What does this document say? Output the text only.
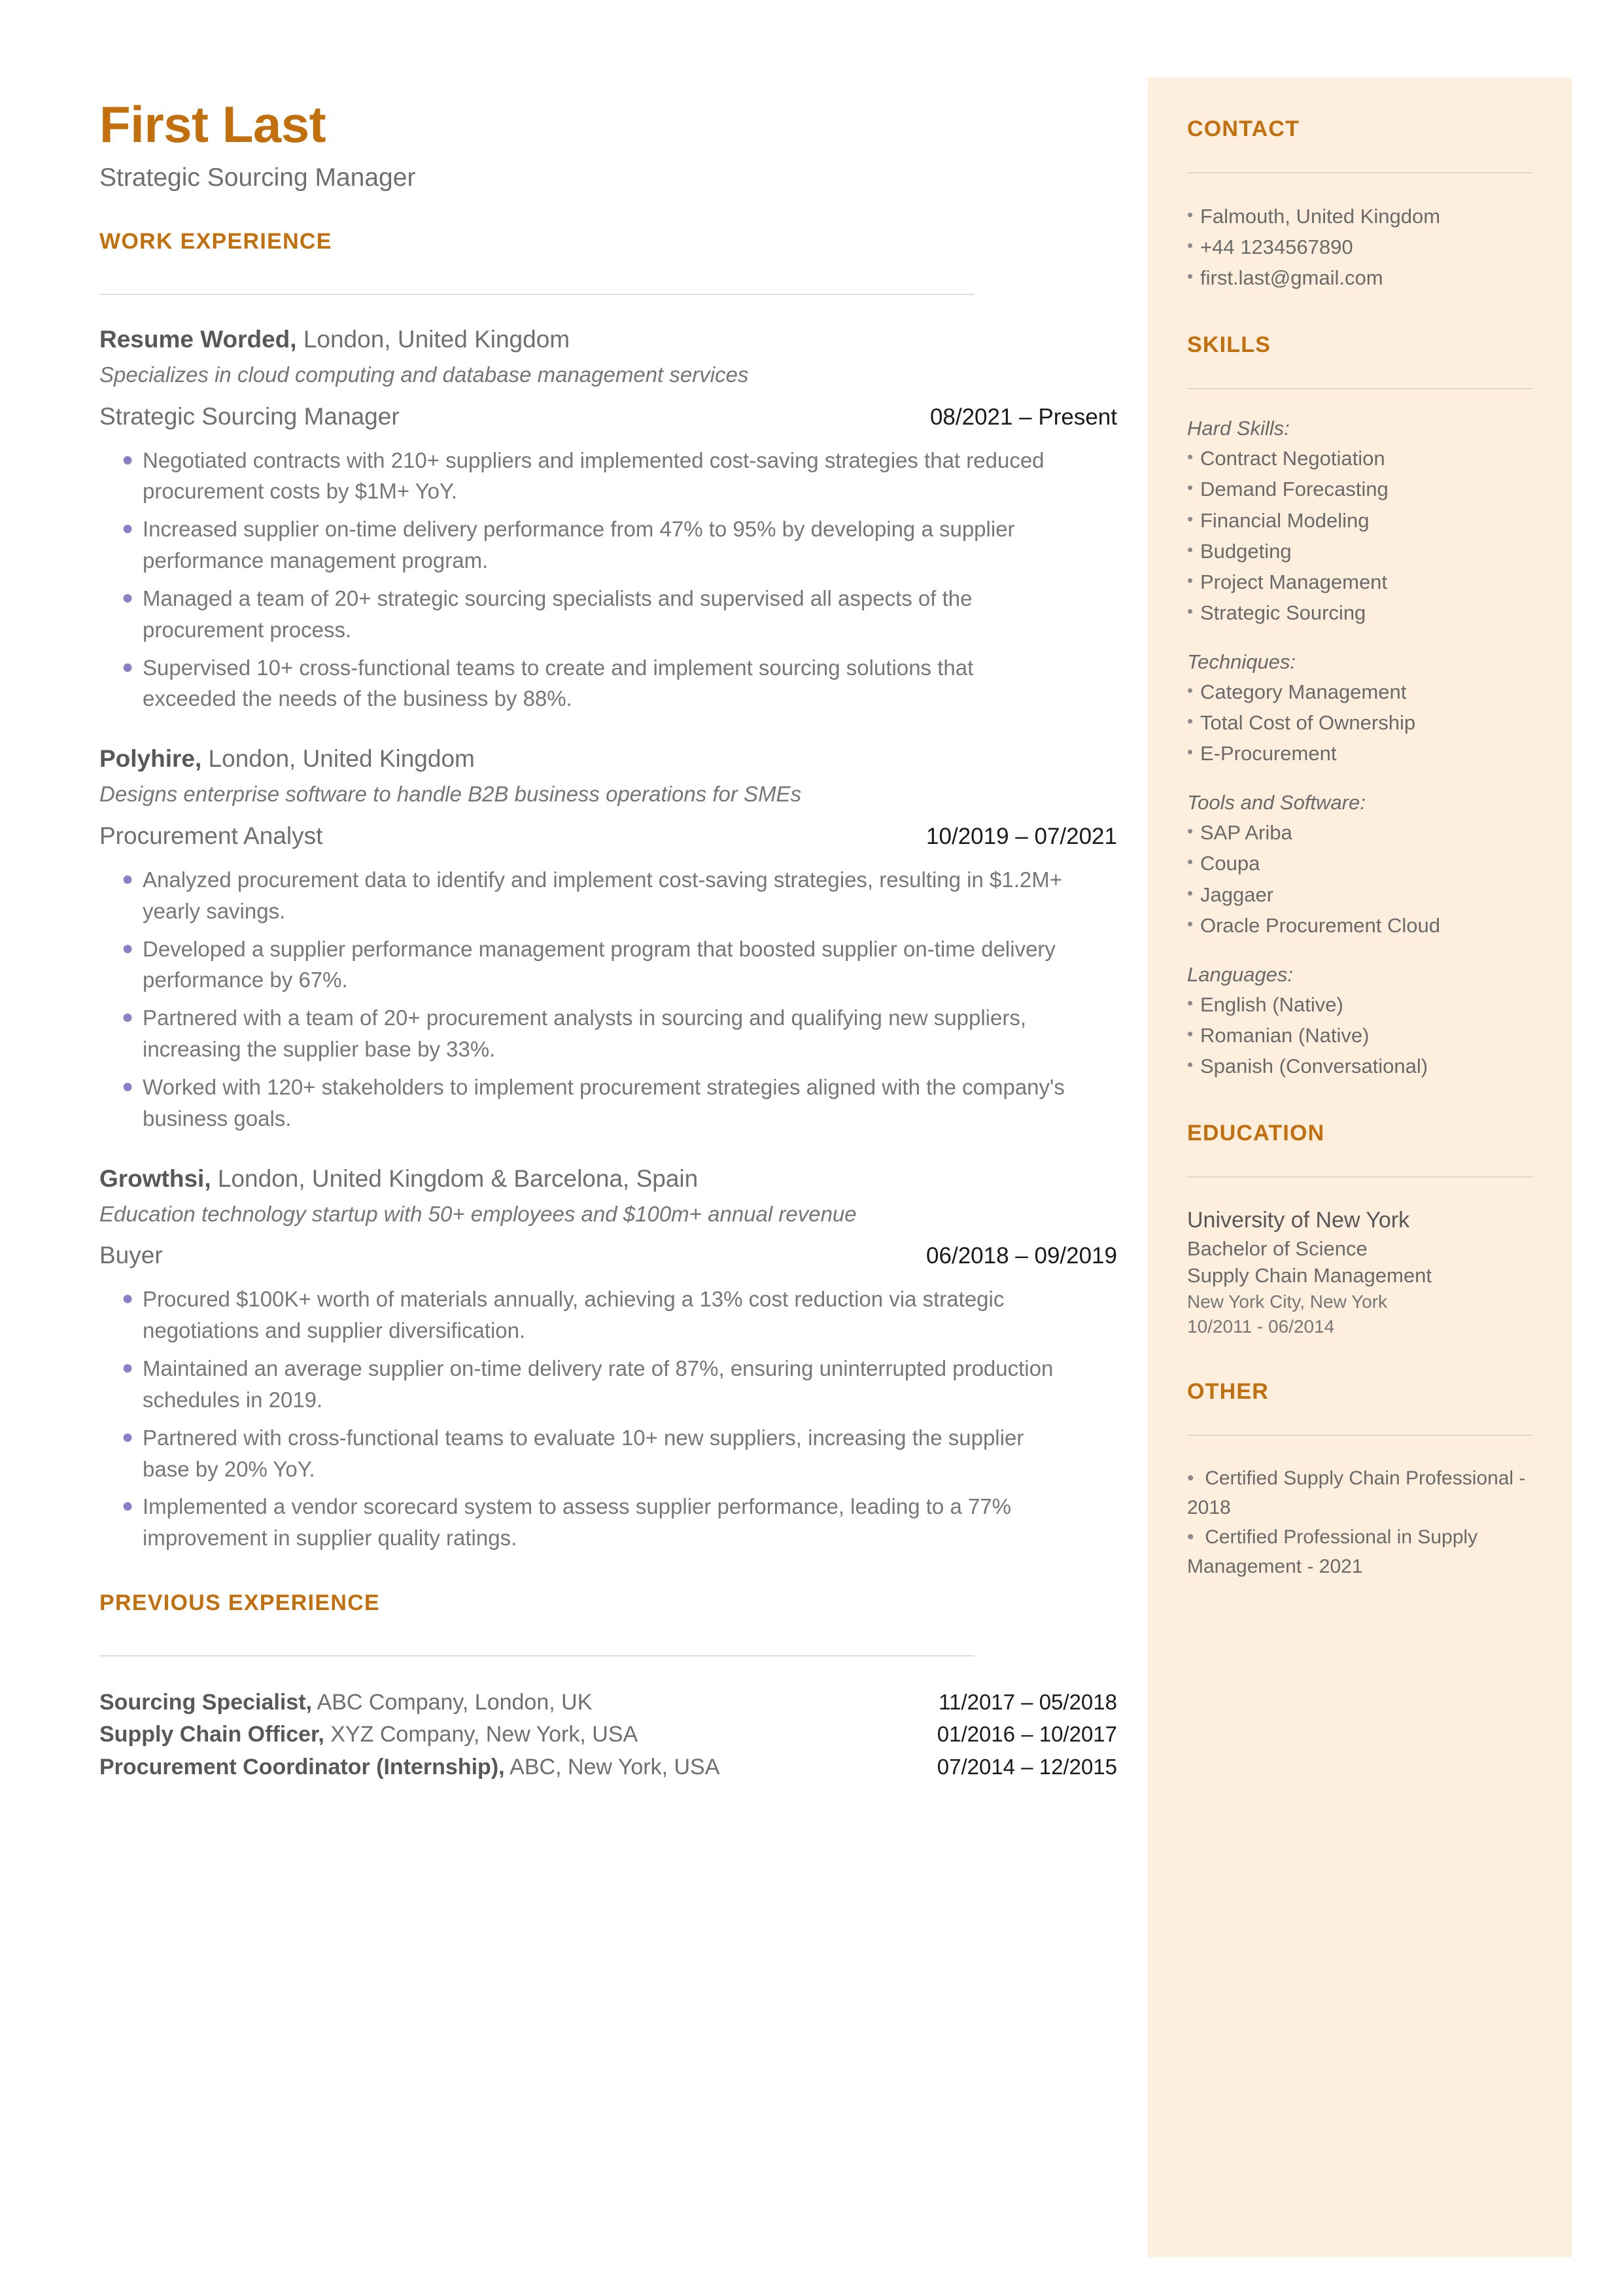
CONTACT
• Falmouth, United Kingdom
• +44 1234567890
• first.last@gmail.com
SKILLS
Hard Skills:
• Contract Negotiation
• Demand Forecasting
• Financial Modeling
• Budgeting
• Project Management
• Strategic Sourcing
Techniques:
• Category Management
• Total Cost of Ownership
• E-Procurement
Tools and Software:
• SAP Ariba
• Coupa
• Jaggaer
• Oracle Procurement Cloud
Languages:
• English (Native)
• Romanian (Native)
• Spanish (Conversational)
EDUCATION
University of New York
Bachelor of Science
Supply Chain Management
New York City, New York
10/2011 - 06/2014
OTHER
• Certified Supply Chain Professional - 2018
• Certified Professional in Supply Management - 2021
First Last
Strategic Sourcing Manager
WORK EXPERIENCE
Resume Worded, London, United Kingdom
Specializes in cloud computing and database management services
Strategic Sourcing Manager	08/2021 – Present
● Negotiated contracts with 210+ suppliers and implemented cost-saving strategies that reduced procurement costs by $1M+ YoY.
● Increased supplier on-time delivery performance from 47% to 95% by developing a supplier performance management program.
● Managed a team of 20+ strategic sourcing specialists and supervised all aspects of the procurement process.
● Supervised 10+ cross-functional teams to create and implement sourcing solutions that exceeded the needs of the business by 88%.
Polyhire, London, United Kingdom
Designs enterprise software to handle B2B business operations for SMEs
Procurement Analyst	10/2019 – 07/2021
● Analyzed procurement data to identify and implement cost-saving strategies, resulting in $1.2M+ yearly savings.
● Developed a supplier performance management program that boosted supplier on-time delivery performance by 67%.
● Partnered with a team of 20+ procurement analysts in sourcing and qualifying new suppliers, increasing the supplier base by 33%.
● Worked with 120+ stakeholders to implement procurement strategies aligned with the company's business goals.
Growthsi, London, United Kingdom & Barcelona, Spain
Education technology startup with 50+ employees and $100m+ annual revenue
Buyer	06/2018 – 09/2019
● Procured $100K+ worth of materials annually, achieving a 13% cost reduction via strategic negotiations and supplier diversification.
● Maintained an average supplier on-time delivery rate of 87%, ensuring uninterrupted production schedules in 2019.
● Partnered with cross-functional teams to evaluate 10+ new suppliers, increasing the supplier base by 20% YoY.
● Implemented a vendor scorecard system to assess supplier performance, leading to a 77% improvement in supplier quality ratings.
PREVIOUS EXPERIENCE
Sourcing Specialist, ABC Company, London, UK	11/2017 – 05/2018
Supply Chain Officer, XYZ Company, New York, USA	01/2016 – 10/2017
Procurement Coordinator (Internship), ABC, New York, USA	07/2014 – 12/2015
